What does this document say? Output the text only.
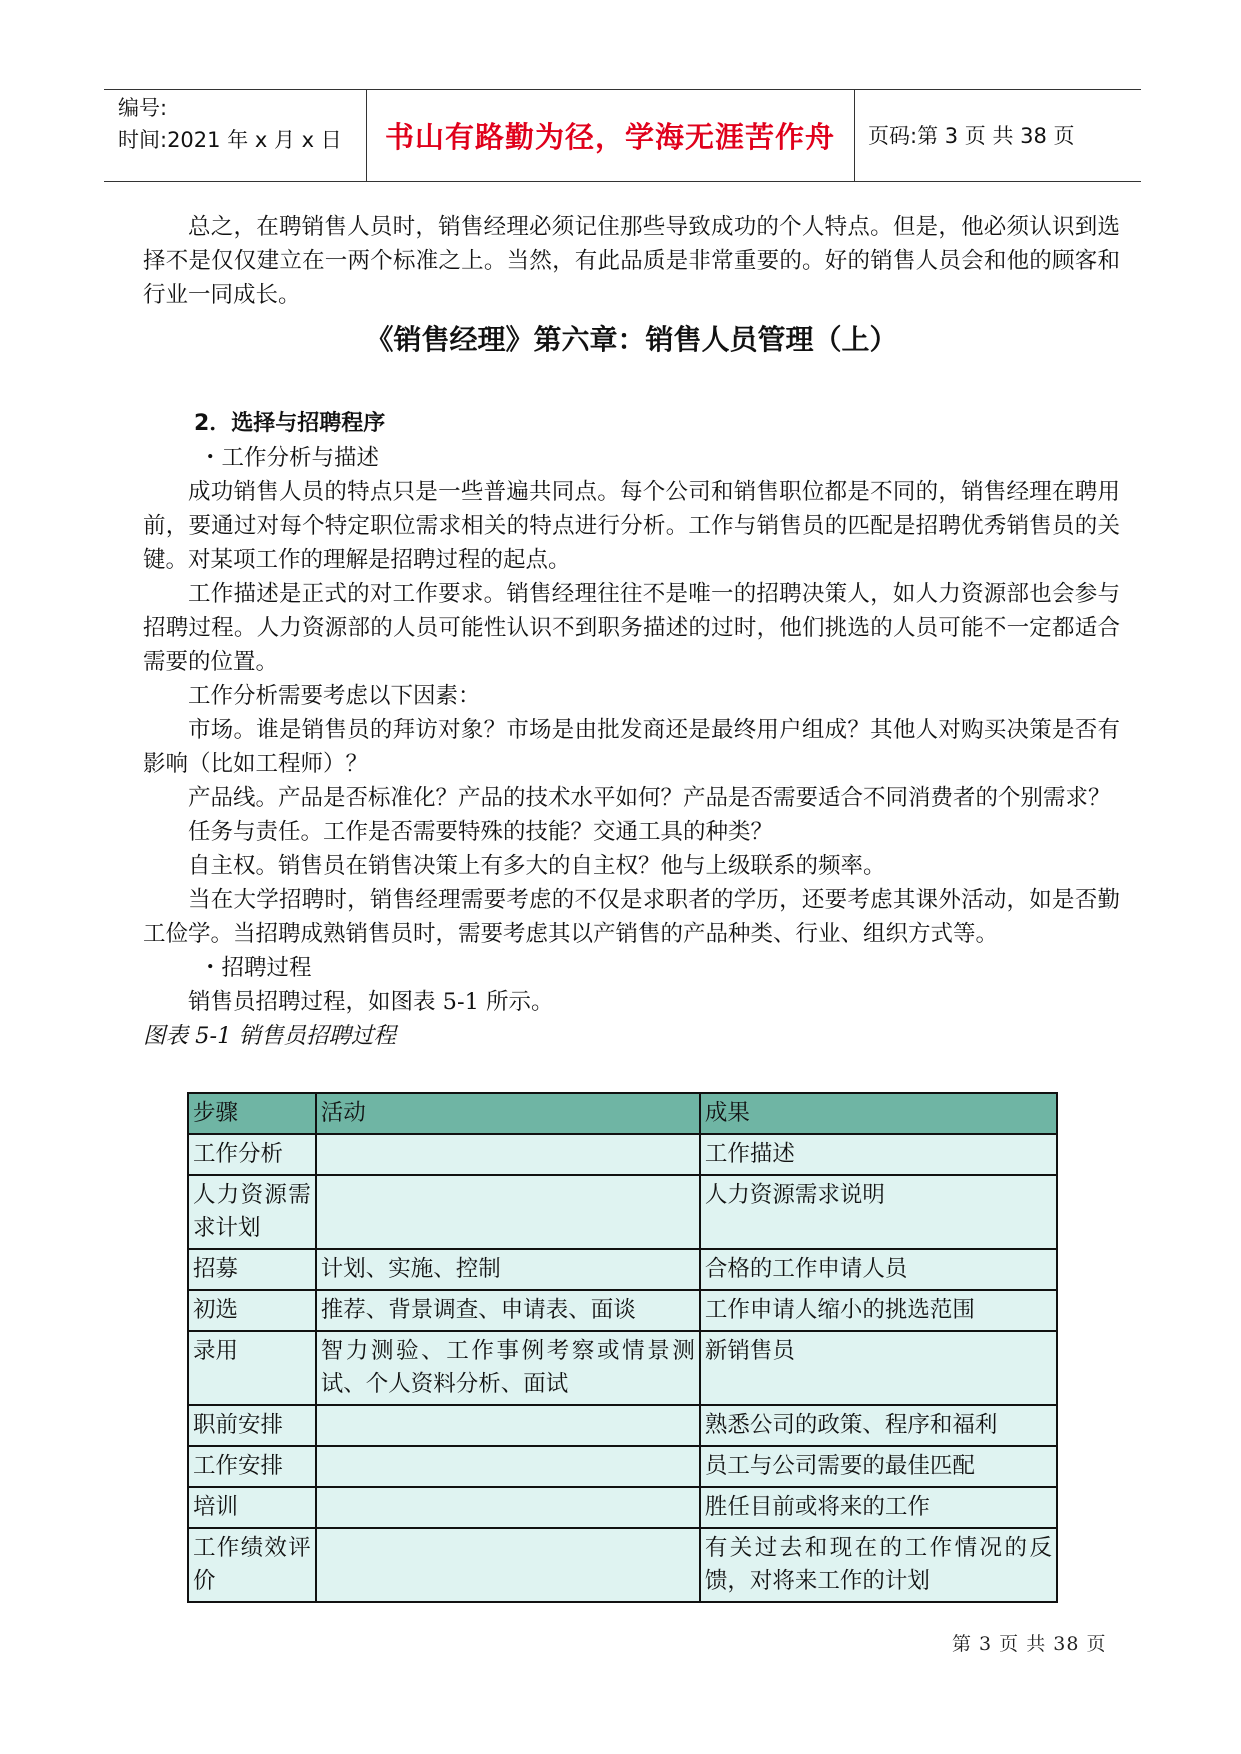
编号:
时间:2021 年 x 月 x 日	书山有路勤为径，学海无涯苦作舟	页码:第 3 页 共 38 页

总之，在聘销售人员时，销售经理必须记住那些导致成功的个人特点。但是，他必须认识到选择不是仅仅建立在一两个标准之上。当然，有此品质是非常重要的。好的销售人员会和他的顾客和行业一同成长。

《销售经理》第六章：销售人员管理（上）

2．选择与招聘程序

・工作分析与描述

成功销售人员的特点只是一些普遍共同点。每个公司和销售职位都是不同的，销售经理在聘用前，要通过对每个特定职位需求相关的特点进行分析。工作与销售员的匹配是招聘优秀销售员的关键。对某项工作的理解是招聘过程的起点。

工作描述是正式的对工作要求。销售经理往往不是唯一的招聘决策人，如人力资源部也会参与招聘过程。人力资源部的人员可能性认识不到职务描述的过时，他们挑选的人员可能不一定都适合需要的位置。

工作分析需要考虑以下因素：

市场。谁是销售员的拜访对象？市场是由批发商还是最终用户组成？其他人对购买决策是否有影响（比如工程师）？

产品线。产品是否标准化？产品的技术水平如何？产品是否需要适合不同消费者的个别需求？

任务与责任。工作是否需要特殊的技能？交通工具的种类？

自主权。销售员在销售决策上有多大的自主权？他与上级联系的频率。

当在大学招聘时，销售经理需要考虑的不仅是求职者的学历，还要考虑其课外活动，如是否勤工俭学。当招聘成熟销售员时，需要考虑其以产销售的产品种类、行业、组织方式等。

・招聘过程

销售员招聘过程，如图表 5-1 所示。

图表 5-1 销售员招聘过程

步骤	活动	成果
工作分析		工作描述
人力资源需求计划		人力资源需求说明
招募	计划、实施、控制	合格的工作申请人员
初选	推荐、背景调查、申请表、面谈	工作申请人缩小的挑选范围
录用	智力测验、工作事例考察或情景测试、个人资料分析、面试	新销售员
职前安排		熟悉公司的政策、程序和福利
工作安排		员工与公司需要的最佳匹配
培训		胜任目前或将来的工作
工作绩效评价		有关过去和现在的工作情况的反馈，对将来工作的计划
第 3 页 共 38 页
